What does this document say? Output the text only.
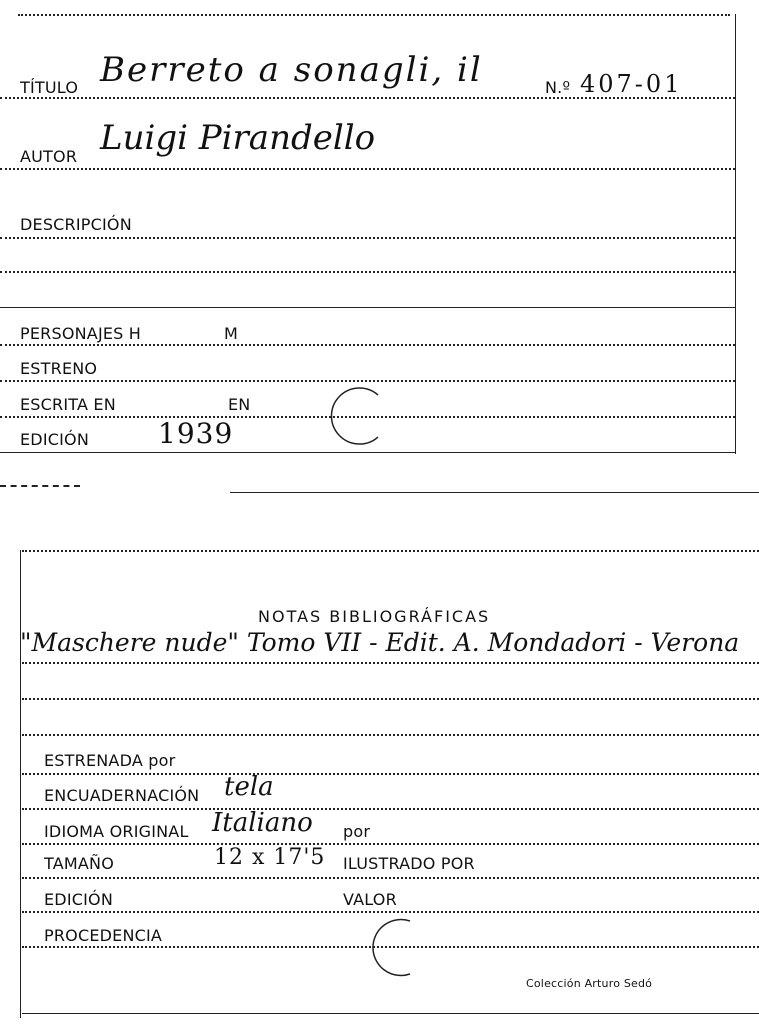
TÍTULO Berreto a sonagli, il	N.º 407-01
AUTOR Luigi Pirandello
DESCRIPCIÓN
PERSONAJES H	M
ESTRENO
ESCRITA EN	EN
EDICIÓN 1939
NOTAS BIBLIOGRÁFICAS
"Maschere nude" Tomo VII - Edit. A. Mondadori - Verona
ESTRENADA por
ENCUADERNACIÓN tela
IDIOMA ORIGINAL Italiano por
TAMAÑO	12 x 17'5 ILUSTRADO POR
EDICIÓN	VALOR
PROCEDENCIA
Colección Arturo Sedó
